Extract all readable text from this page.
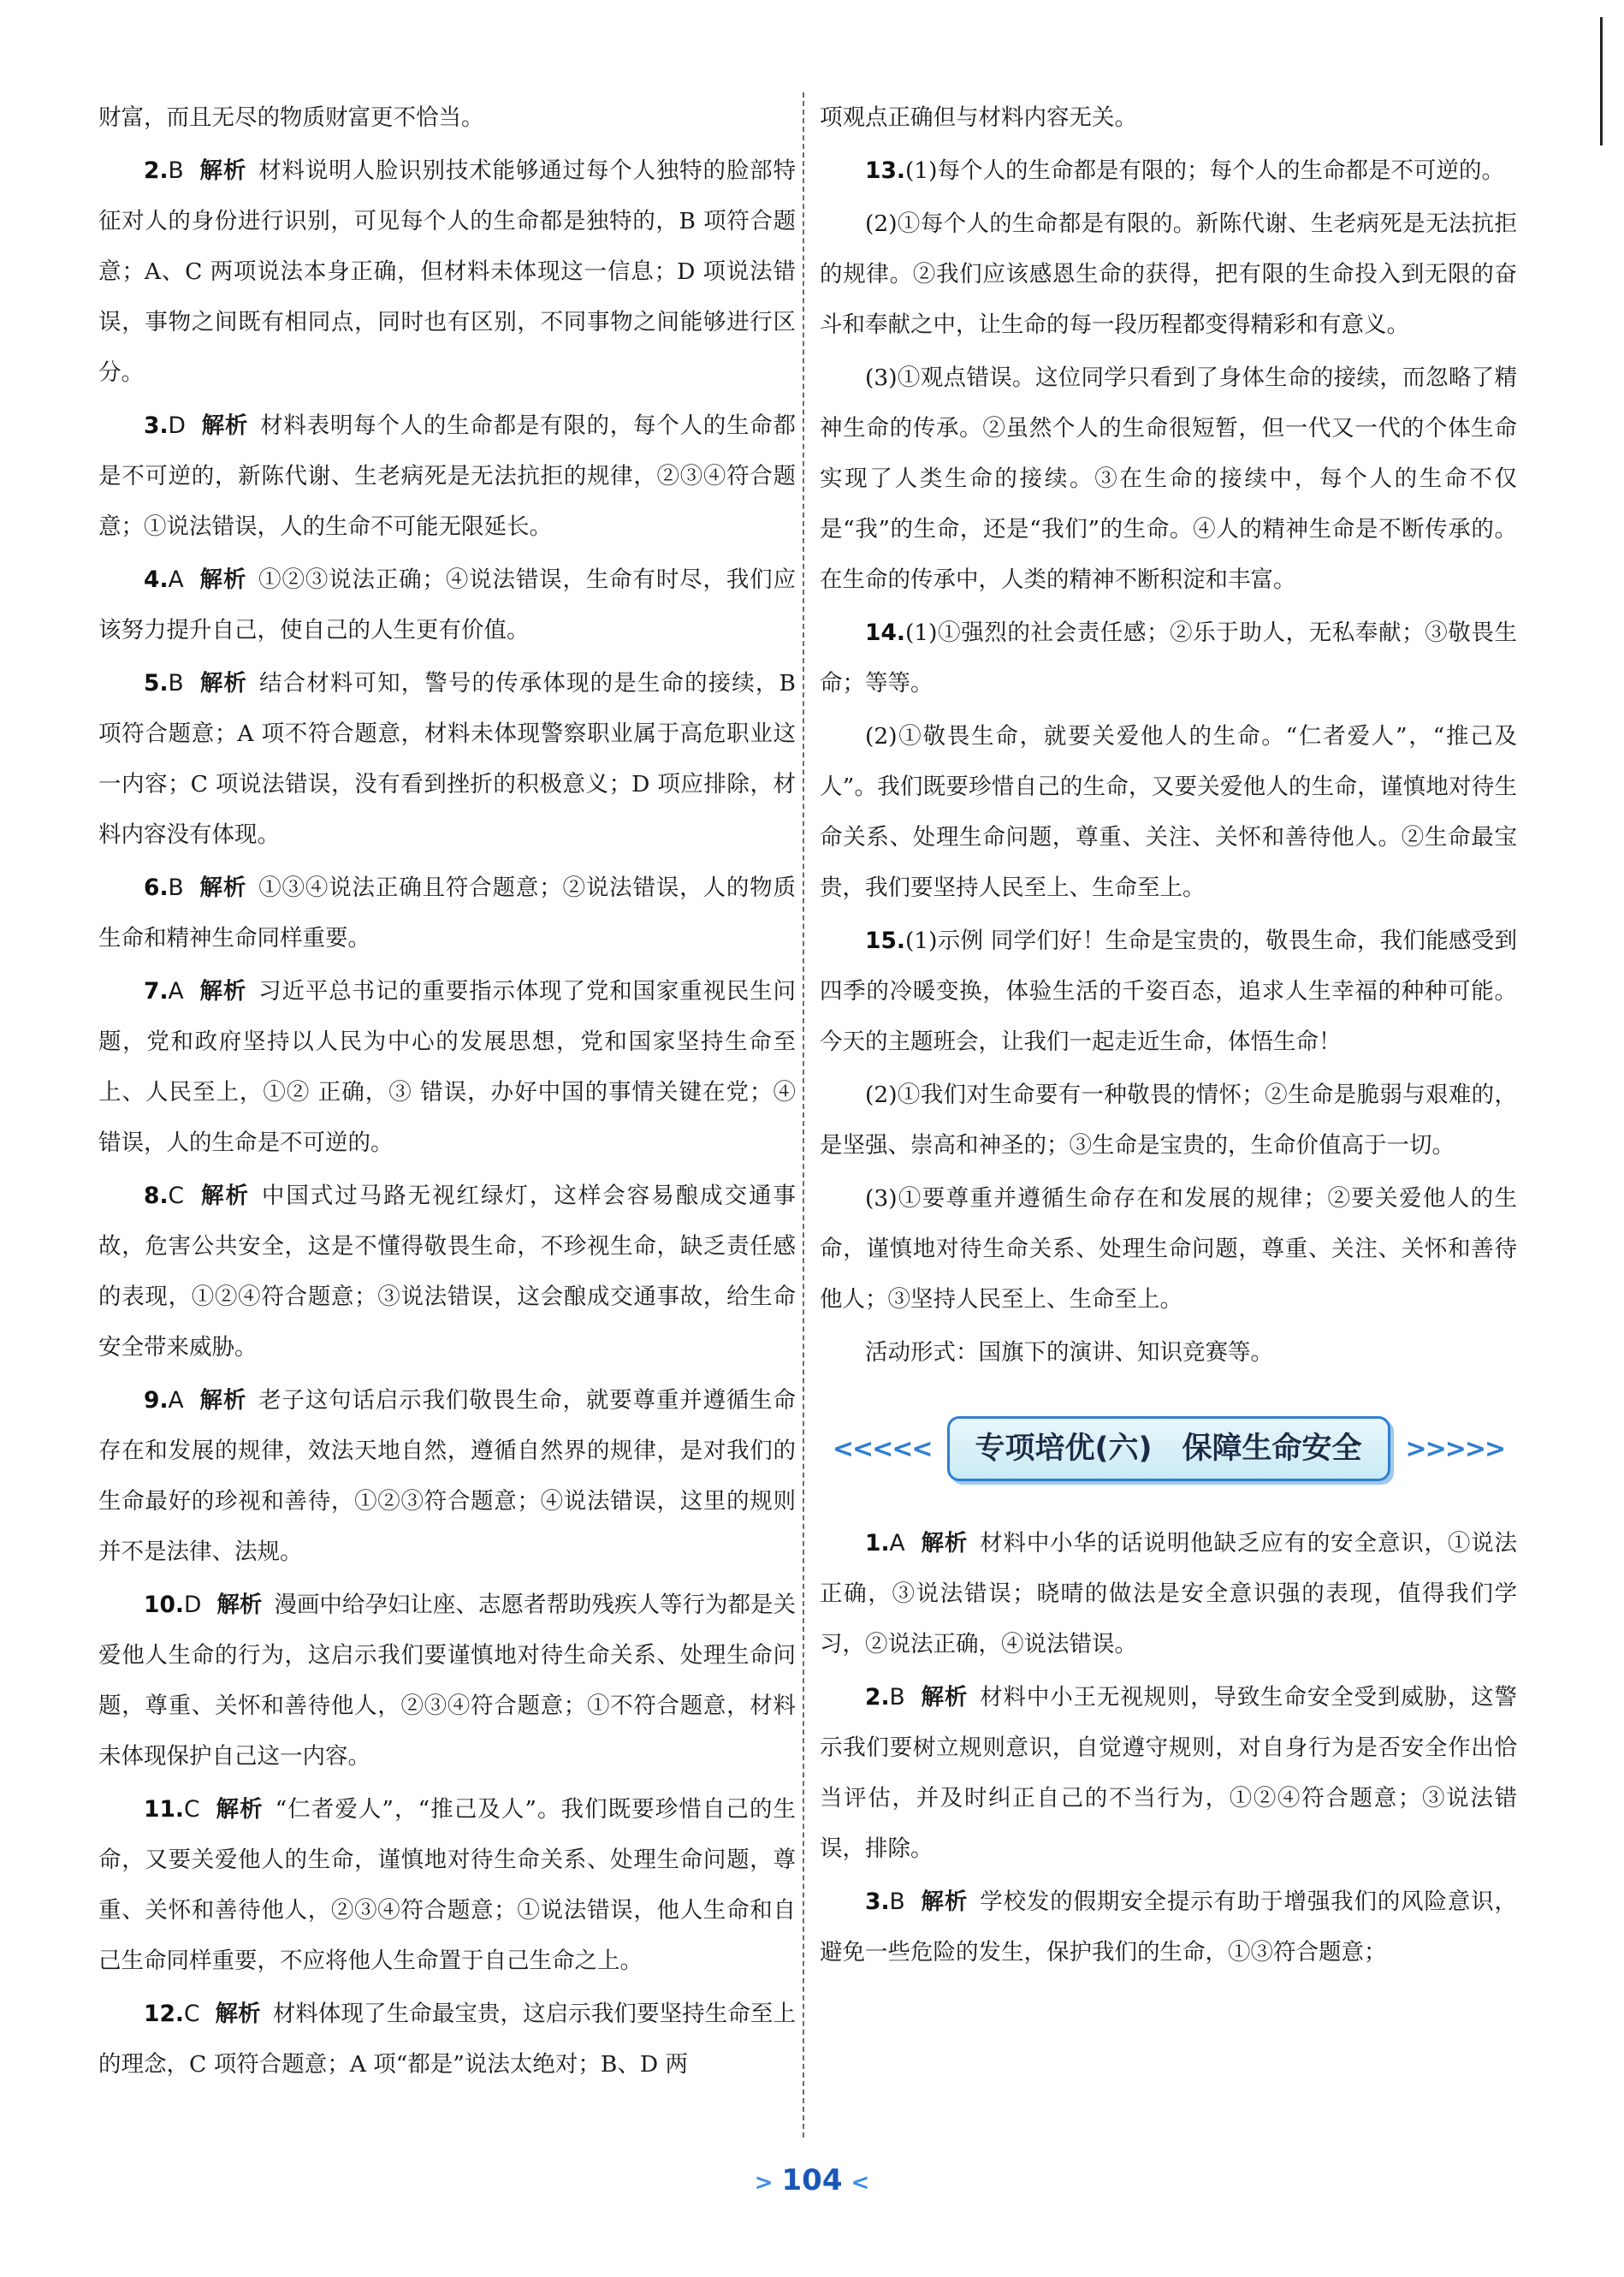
财富，而且无尽的物质财富更不恰当。

2.B 解析 材料说明人脸识别技术能够通过每个人独特的脸部特征对人的身份进行识别，可见每个人的生命都是独特的，B 项符合题意；A、C 两项说法本身正确，但材料未体现这一信息；D 项说法错误，事物之间既有相同点，同时也有区别，不同事物之间能够进行区分。

3.D 解析 材料表明每个人的生命都是有限的，每个人的生命都是不可逆的，新陈代谢、生老病死是无法抗拒的规律，②③④符合题意；①说法错误，人的生命不可能无限延长。

4.A 解析 ①②③说法正确；④说法错误，生命有时尽，我们应该努力提升自己，使自己的人生更有价值。

5.B 解析 结合材料可知，警号的传承体现的是生命的接续，B 项符合题意；A 项不符合题意，材料未体现警察职业属于高危职业这一内容；C 项说法错误，没有看到挫折的积极意义；D 项应排除，材料内容没有体现。

6.B 解析 ①③④说法正确且符合题意；②说法错误，人的物质生命和精神生命同样重要。

7.A 解析 习近平总书记的重要指示体现了党和国家重视民生问题，党和政府坚持以人民为中心的发展思想，党和国家坚持生命至上、人民至上，①② 正确，③ 错误，办好中国的事情关键在党；④ 错误，人的生命是不可逆的。

8.C 解析 中国式过马路无视红绿灯，这样会容易酿成交通事故，危害公共安全，这是不懂得敬畏生命，不珍视生命，缺乏责任感的表现，①②④符合题意；③说法错误，这会酿成交通事故，给生命安全带来威胁。

9.A 解析 老子这句话启示我们敬畏生命，就要尊重并遵循生命存在和发展的规律，效法天地自然，遵循自然界的规律，是对我们的生命最好的珍视和善待，①②③符合题意；④说法错误，这里的规则并不是法律、法规。

10.D 解析 漫画中给孕妇让座、志愿者帮助残疾人等行为都是关爱他人生命的行为，这启示我们要谨慎地对待生命关系、处理生命问题，尊重、关怀和善待他人，②③④符合题意；①不符合题意，材料未体现保护自己这一内容。

11.C 解析 “仁者爱人”，“推己及人”。我们既要珍惜自己的生命，又要关爱他人的生命，谨慎地对待生命关系、处理生命问题，尊重、关怀和善待他人，②③④符合题意；①说法错误，他人生命和自己生命同样重要，不应将他人生命置于自己生命之上。

12.C 解析 材料体现了生命最宝贵，这启示我们要坚持生命至上的理念，C 项符合题意；A 项“都是”说法太绝对；B、D 两

项观点正确但与材料内容无关。

13.(1)每个人的生命都是有限的；每个人的生命都是不可逆的。

(2)①每个人的生命都是有限的。新陈代谢、生老病死是无法抗拒的规律。②我们应该感恩生命的获得，把有限的生命投入到无限的奋斗和奉献之中，让生命的每一段历程都变得精彩和有意义。

(3)①观点错误。这位同学只看到了身体生命的接续，而忽略了精神生命的传承。②虽然个人的生命很短暂，但一代又一代的个体生命实现了人类生命的接续。③在生命的接续中，每个人的生命不仅是“我”的生命，还是“我们”的生命。④人的精神生命是不断传承的。在生命的传承中，人类的精神不断积淀和丰富。

14.(1)①强烈的社会责任感；②乐于助人，无私奉献；③敬畏生命；等等。

(2)①敬畏生命，就要关爱他人的生命。“仁者爱人”，“推己及人”。我们既要珍惜自己的生命，又要关爱他人的生命，谨慎地对待生命关系、处理生命问题，尊重、关注、关怀和善待他人。②生命最宝贵，我们要坚持人民至上、生命至上。

15.(1)示例 同学们好！生命是宝贵的，敬畏生命，我们能感受到四季的冷暖变换，体验生活的千姿百态，追求人生幸福的种种可能。今天的主题班会，让我们一起走近生命，体悟生命！

(2)①我们对生命要有一种敬畏的情怀；②生命是脆弱与艰难的，是坚强、崇高和神圣的；③生命是宝贵的，生命价值高于一切。

(3)①要尊重并遵循生命存在和发展的规律；②要关爱他人的生命，谨慎地对待生命关系、处理生命问题，尊重、关注、关怀和善待他人；③坚持人民至上、生命至上。

活动形式：国旗下的演讲、知识竞赛等。

<<<<<	专项培优(六)　保障生命安全	>>>>>

1.A 解析 材料中小华的话说明他缺乏应有的安全意识，①说法正确，③说法错误；晓晴的做法是安全意识强的表现，值得我们学习，②说法正确，④说法错误。

2.B 解析 材料中小王无视规则，导致生命安全受到威胁，这警示我们要树立规则意识，自觉遵守规则，对自身行为是否安全作出恰当评估，并及时纠正自己的不当行为，①②④符合题意；③说法错误，排除。

3.B 解析 学校发的假期安全提示有助于增强我们的风险意识，避免一些危险的发生，保护我们的生命，①③符合题意；

> 104 <
